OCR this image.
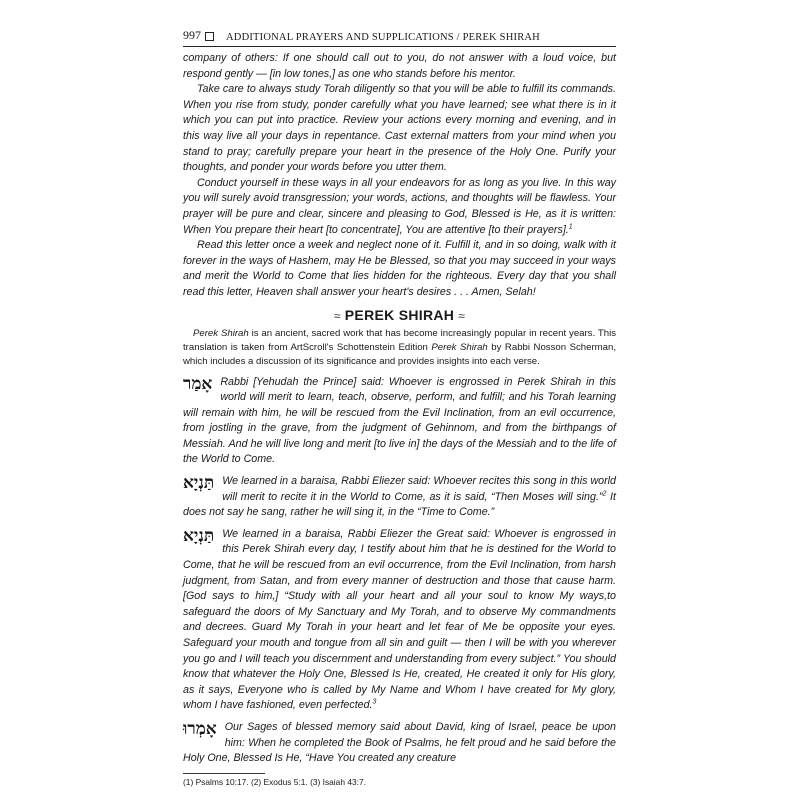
997 ADDITIONAL PRAYERS AND SUPPLICATIONS / PEREK SHIRAH

company of others: If one should call out to you, do not answer with a loud voice, but respond gently — [in low tones,] as one who stands before his mentor.

Take care to always study Torah diligently so that you will be able to fulfill its commands. When you rise from study, ponder carefully what you have learned; see what there is in it which you can put into practice. Review your actions every morning and evening, and in this way live all your days in repentance. Cast external matters from your mind when you stand to pray; carefully prepare your heart in the presence of the Holy One. Purify your thoughts, and ponder your words before you utter them.

Conduct yourself in these ways in all your endeavors for as long as you live. In this way you will surely avoid transgression; your words, actions, and thoughts will be flawless. Your prayer will be pure and clear, sincere and pleasing to God, Blessed is He, as it is written: When You prepare their heart [to concentrate], You are attentive [to their prayers].$^1$

Read this letter once a week and neglect none of it. Fulfill it, and in so doing, walk with it forever in the ways of Hashem, may He be Blessed, so that you may succeed in your ways and merit the World to Come that lies hidden for the righteous. Every day that you shall read this letter, Heaven shall answer your heart's desires . . . Amen, Selah!

≈ PEREK SHIRAH ≈
Perek Shirah is an ancient, sacred work that has become increasingly popular in recent years. This translation is taken from ArtScroll's Schottenstein Edition Perek Shirah by Rabbi Nosson Scherman, which includes a discussion of its significance and provides insights into each verse.
אָמַר Rabbi [Yehudah the Prince] said: Whoever is engrossed in Perek Shirah in this world will merit to learn, teach, observe, perform, and fulfill; and his Torah learning will remain with him, he will be rescued from the Evil Inclination, from an evil occurrence, from jostling in the grave, from the judgment of Gehinnom, and from the birthpangs of Messiah. And he will live long and merit [to live in] the days of the Messiah and to the life of the World to Come.
תַּנְיָא We learned in a baraisa, Rabbi Eliezer said: Whoever recites this song in this world will merit to recite it in the World to Come, as it is said, “Then Moses will sing.”$^2$ It does not say he sang, rather he will sing it, in the “Time to Come.”
תַּנְיָא We learned in a baraisa, Rabbi Eliezer the Great said: Whoever is engrossed in this Perek Shirah every day, I testify about him that he is destined for the World to Come, that he will be rescued from an evil occurrence, from the Evil Inclination, from harsh judgment, from Satan, and from every manner of destruction and those that cause harm. [God says to him,] “Study with all your heart and all your soul to know My ways,to safeguard the doors of My Sanctuary and My Torah, and to observe My commandments and decrees. Guard My Torah in your heart and let fear of Me be opposite your eyes. Safeguard your mouth and tongue from all sin and guilt — then I will be with you wherever you go and I will teach you discernment and understanding from every subject.” You should know that whatever the Holy One, Blessed Is He, created, He created it only for His glory, as it says, Everyone who is called by My Name and Whom I have created for My glory, whom I have fashioned, even perfected.$^3$
אָמְרוּ Our Sages of blessed memory said about David, king of Israel, peace be upon him: When he completed the Book of Psalms, he felt proud and he said before the Holy One, Blessed Is He, “Have You created any creature
(1) Psalms 10:17. (2) Exodus 5:1. (3) Isaiah 43:7.
